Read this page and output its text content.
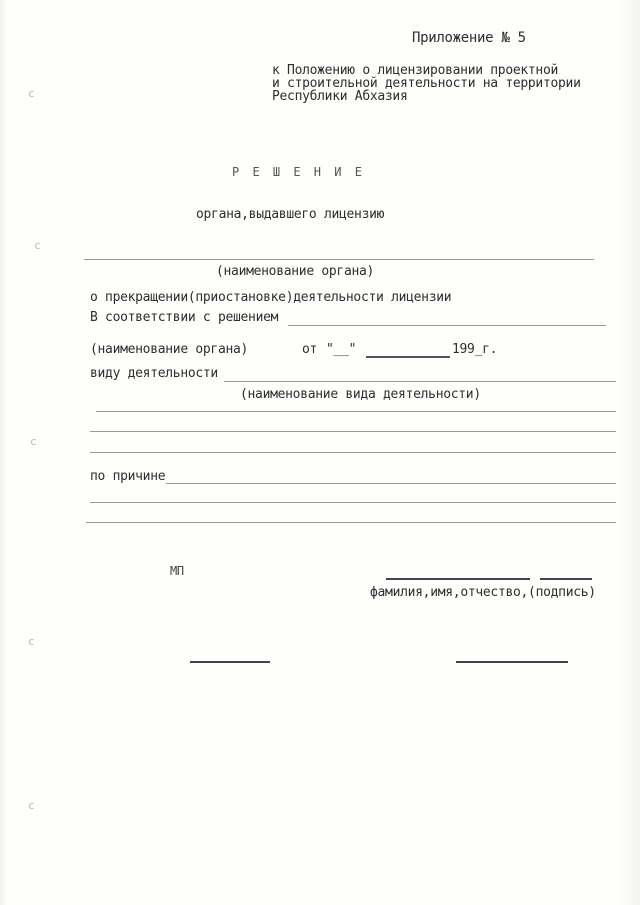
c
c
c
c
c
Приложение № 5
к Положению о лицензировании проектной
и строительной деятельности на территории
Республики Абхазия
Р Е Ш Е Н И Е
органа,выдавшего лицензию
(наименование органа)
о прекращении(приостановке)деятельности лицензии
В соответствии с решением
(наименование органа)	от "__"	199_г.
виду деятельности
(наименование вида деятельности)
по причине
МП
фамилия,имя,отчество,(подпись)
